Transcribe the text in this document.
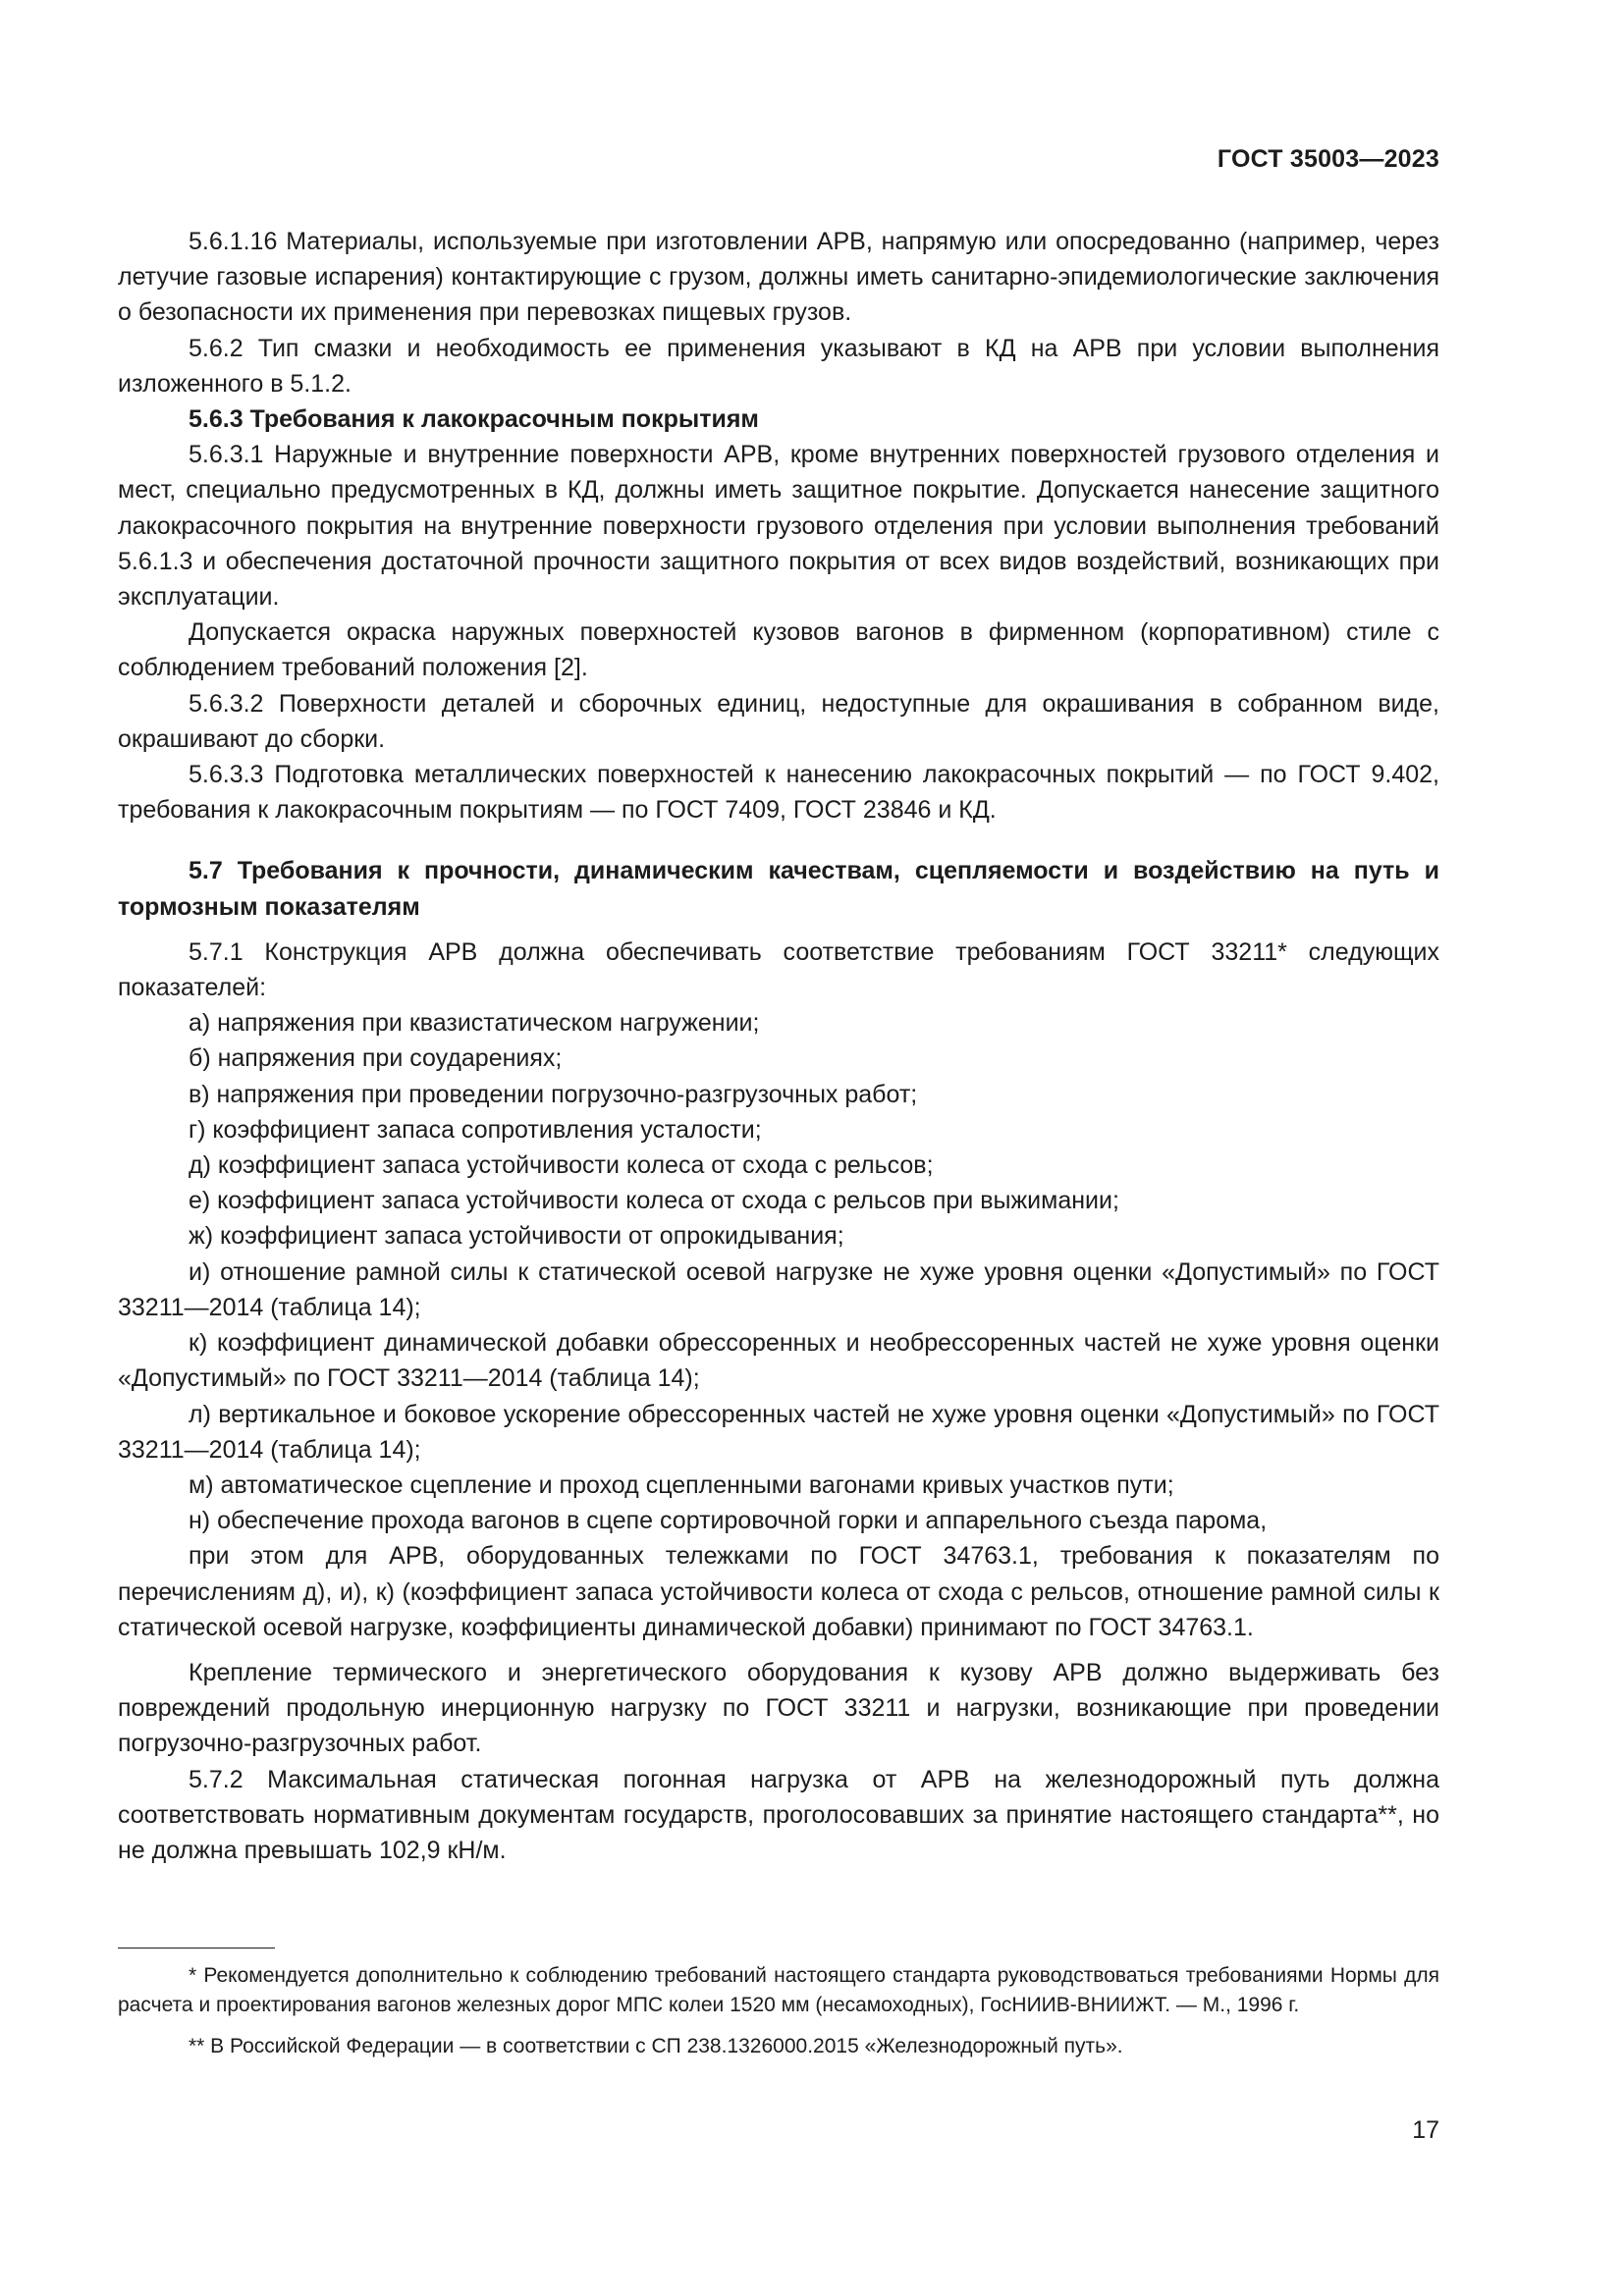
ГОСТ 35003—2023

5.6.1.16 Материалы, используемые при изготовлении АРВ, напрямую или опосредованно (например, через летучие газовые испарения) контактирующие с грузом, должны иметь санитарно-эпидемиологические заключения о безопасности их применения при перевозках пищевых грузов.

5.6.2 Тип смазки и необходимость ее применения указывают в КД на АРВ при условии выполнения изложенного в 5.1.2.

5.6.3 Требования к лакокрасочным покрытиям

5.6.3.1 Наружные и внутренние поверхности АРВ, кроме внутренних поверхностей грузового отделения и мест, специально предусмотренных в КД, должны иметь защитное покрытие. Допускается нанесение защитного лакокрасочного покрытия на внутренние поверхности грузового отделения при условии выполнения требований 5.6.1.3 и обеспечения достаточной прочности защитного покрытия от всех видов воздействий, возникающих при эксплуатации.

Допускается окраска наружных поверхностей кузовов вагонов в фирменном (корпоративном) стиле с соблюдением требований положения [2].

5.6.3.2 Поверхности деталей и сборочных единиц, недоступные для окрашивания в собранном виде, окрашивают до сборки.

5.6.3.3 Подготовка металлических поверхностей к нанесению лакокрасочных покрытий — по ГОСТ 9.402, требования к лакокрасочным покрытиям — по ГОСТ 7409, ГОСТ 23846 и КД.

5.7 Требования к прочности, динамическим качествам, сцепляемости и воздействию на путь и тормозным показателям

5.7.1 Конструкция АРВ должна обеспечивать соответствие требованиям ГОСТ 33211* следующих показателей:

а) напряжения при квазистатическом нагружении;
б) напряжения при соударениях;
в) напряжения при проведении погрузочно-разгрузочных работ;
г) коэффициент запаса сопротивления усталости;
д) коэффициент запаса устойчивости колеса от схода с рельсов;
е) коэффициент запаса устойчивости колеса от схода с рельсов при выжимании;
ж) коэффициент запаса устойчивости от опрокидывания;
и) отношение рамной силы к статической осевой нагрузке не хуже уровня оценки «Допустимый» по ГОСТ 33211—2014 (таблица 14);
к) коэффициент динамической добавки обрессоренных и необрессоренных частей не хуже уровня оценки «Допустимый» по ГОСТ 33211—2014 (таблица 14);
л) вертикальное и боковое ускорение обрессоренных частей не хуже уровня оценки «Допустимый» по ГОСТ 33211—2014 (таблица 14);
м) автоматическое сцепление и проход сцепленными вагонами кривых участков пути;
н) обеспечение прохода вагонов в сцепе сортировочной горки и аппарельного съезда парома,

при этом для АРВ, оборудованных тележками по ГОСТ 34763.1, требования к показателям по перечислениям д), и), к) (коэффициент запаса устойчивости колеса от схода с рельсов, отношение рамной силы к статической осевой нагрузке, коэффициенты динамической добавки) принимают по ГОСТ 34763.1.

Крепление термического и энергетического оборудования к кузову АРВ должно выдерживать без повреждений продольную инерционную нагрузку по ГОСТ 33211 и нагрузки, возникающие при проведении погрузочно-разгрузочных работ.

5.7.2 Максимальная статическая погонная нагрузка от АРВ на железнодорожный путь должна соответствовать нормативным документам государств, проголосовавших за принятие настоящего стандарта**, но не должна превышать 102,9 кН/м.

* Рекомендуется дополнительно к соблюдению требований настоящего стандарта руководствоваться требованиями Нормы для расчета и проектирования вагонов железных дорог МПС колеи 1520 мм (несамоходных), ГосНИИВ-ВНИИЖТ. — М., 1996 г.

** В Российской Федерации — в соответствии с СП 238.1326000.2015 «Железнодорожный путь».

17
